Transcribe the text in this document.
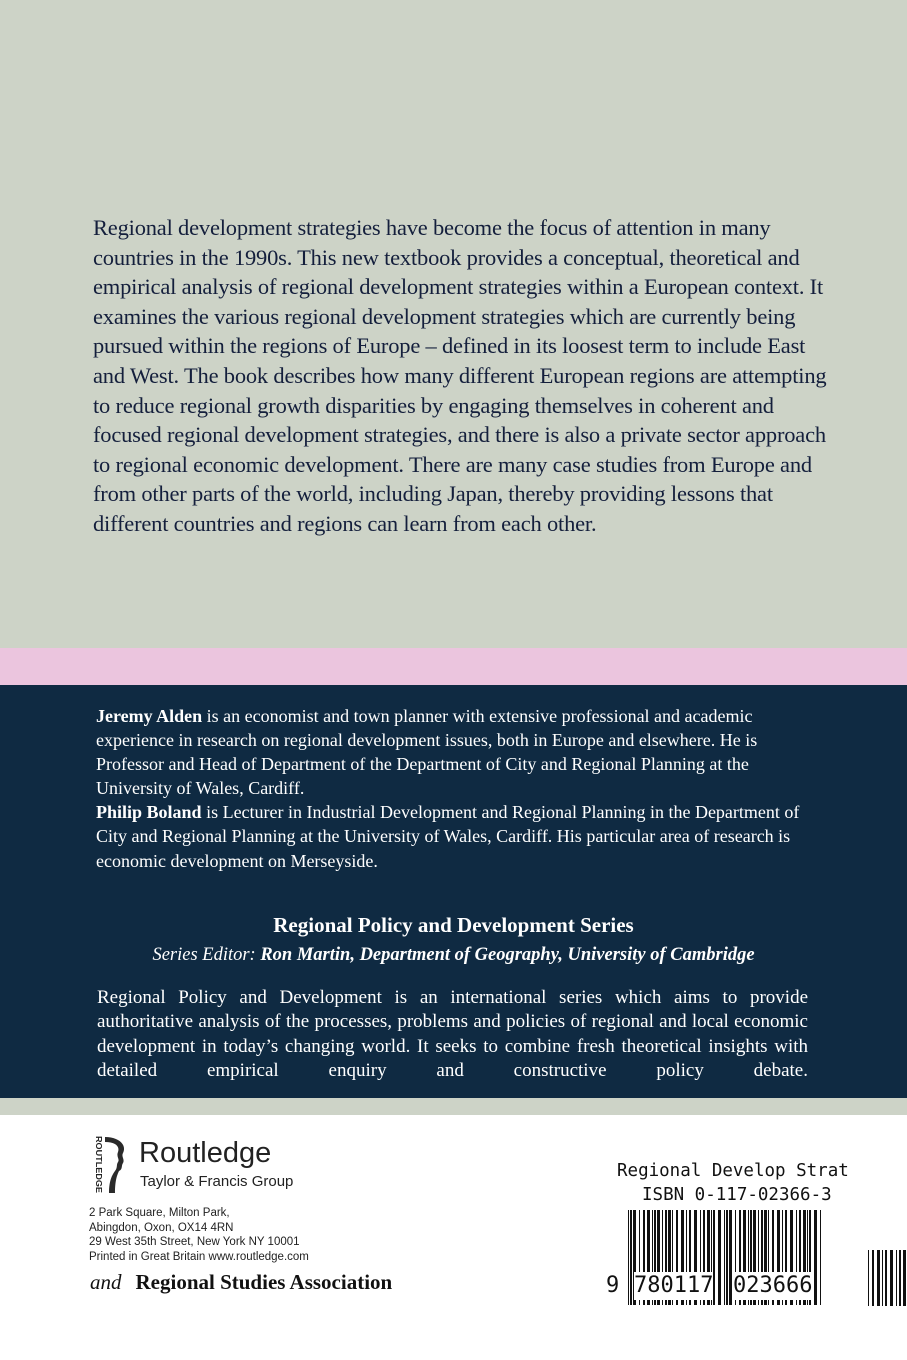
Regional development strategies have become the focus of attention in many countries in the 1990s. This new textbook provides a conceptual, theoretical and empirical analysis of regional development strategies within a European context. It examines the various regional development strategies which are currently being pursued within the regions of Europe – defined in its loosest term to include East and West. The book describes how many different European regions are attempting to reduce regional growth disparities by engaging themselves in coherent and focused regional development strategies, and there is also a private sector approach to regional economic development. There are many case studies from Europe and from other parts of the world, including Japan, thereby providing lessons that different countries and regions can learn from each other.

Jeremy Alden is an economist and town planner with extensive professional and academic experience in research on regional development issues, both in Europe and elsewhere. He is Professor and Head of Department of the Department of City and Regional Planning at the University of Wales, Cardiff.

Philip Boland is Lecturer in Industrial Development and Regional Planning in the Department of City and Regional Planning at the University of Wales, Cardiff. His particular area of research is economic development on Merseyside.

Regional Policy and Development Series
Series Editor: Ron Martin, Department of Geography, University of Cambridge
Regional Policy and Development is an international series which aims to provide authoritative analysis of the processes, problems and policies of regional and local economic development in today’s changing world. It seeks to combine fresh theoretical insights with detailed empirical enquiry and constructive policy debate.
ROUTLEDGE Routledge
Taylor & Francis Group
2 Park Square, Milton Park,
Abingdon, Oxon, OX14 4RN
29 West 35th Street, New York NY 10001
Printed in Great Britain www.routledge.com
and Regional Studies Association
Regional Develop Strat
ISBN 0-117-02366-3
9 780117 023666
